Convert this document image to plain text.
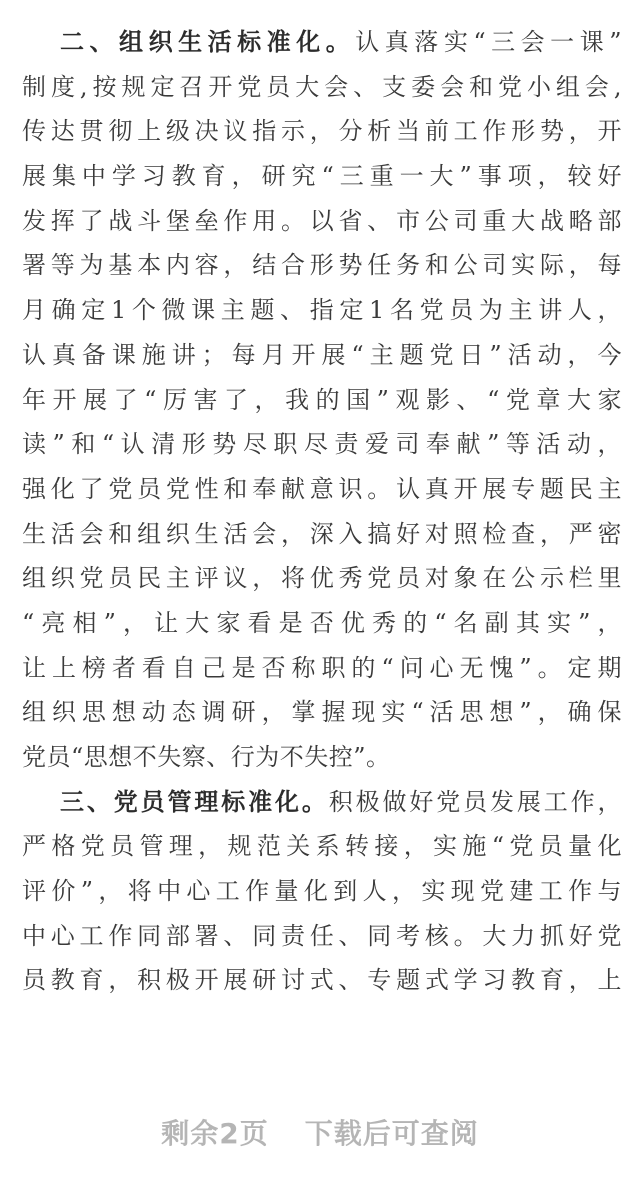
二、组织生活标准化。认真落实“三会一课”
制度,按规定召开党员大会、支委会和党小组会,
传达贯彻上级决议指示，分析当前工作形势，开
展集中学习教育，研究“三重一大”事项，较好
发挥了战斗堡垒作用。以省、市公司重大战略部
署等为基本内容，结合形势任务和公司实际，每
月确定1个微课主题、指定1名党员为主讲人，
认真备课施讲；每月开展“主题党日”活动，今
年开展了“厉害了，我的国”观影、“党章大家
读”和“认清形势尽职尽责爱司奉献”等活动，
强化了党员党性和奉献意识。认真开展专题民主
生活会和组织生活会，深入搞好对照检查，严密
组织党员民主评议，将优秀党员对象在公示栏里
“亮相”，让大家看是否优秀的“名副其实”，
让上榜者看自己是否称职的“问心无愧”。定期
组织思想动态调研，掌握现实“活思想”，确保
党员“思想不失察、行为不失控”。
三、党员管理标准化。积极做好党员发展工作，
严格党员管理，规范关系转接，实施“党员量化
评价”，将中心工作量化到人，实现党建工作与
中心工作同部署、同责任、同考核。大力抓好党
员教育，积极开展研讨式、专题式学习教育，上
剩余2页 下载后可查阅
